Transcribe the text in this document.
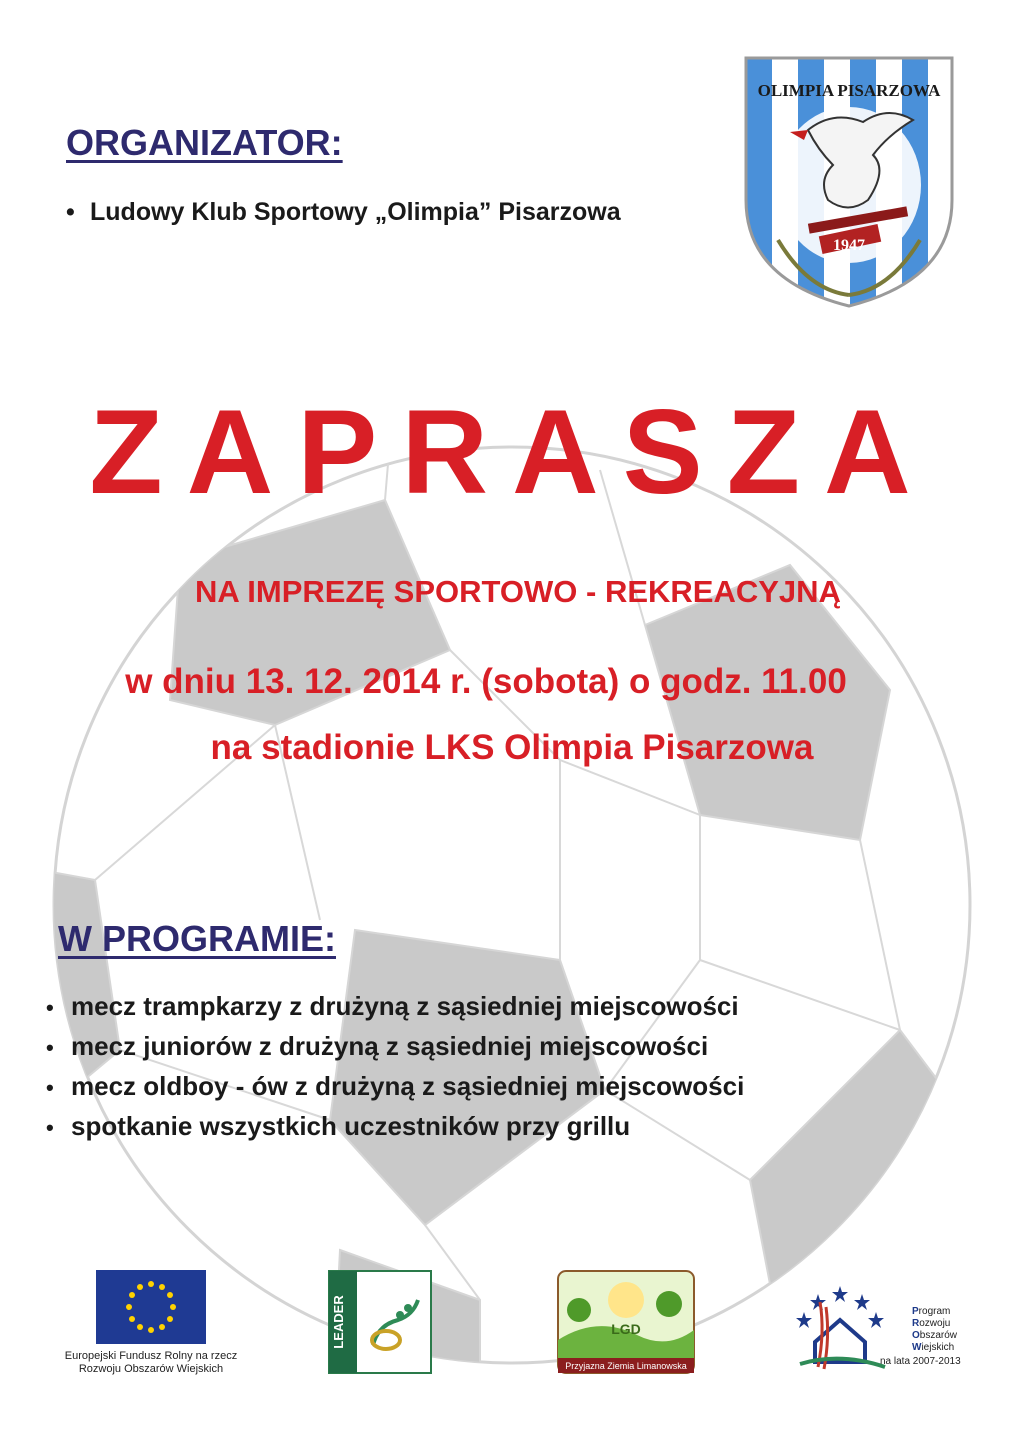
ORGANIZATOR:
• Ludowy Klub Sportowy „Olimpia” Pisarzowa
1947
OLIMPIA PISARZOWA
ZAPRASZA
NA IMPREZĘ SPORTOWO - REKREACYJNĄ
w dniu 13. 12. 2014 r. (sobota) o godz. 11.00
na stadionie LKS Olimpia Pisarzowa
W PROGRAMIE:
• mecz trampkarzy z drużyną z sąsiedniej miejscowości
• mecz juniorów z drużyną z sąsiedniej miejscowości
• mecz oldboy - ów z drużyną z sąsiedniej miejscowości
• spotkanie wszystkich uczestników przy grillu
Europejski Fundusz Rolny na rzecz
Rozwoju Obszarów Wiejskich
LEADER	LGD
Przyjazna Ziemia Limanowska
Program
Rozwoju
Obszarów
Wiejskich
na lata 2007-2013
